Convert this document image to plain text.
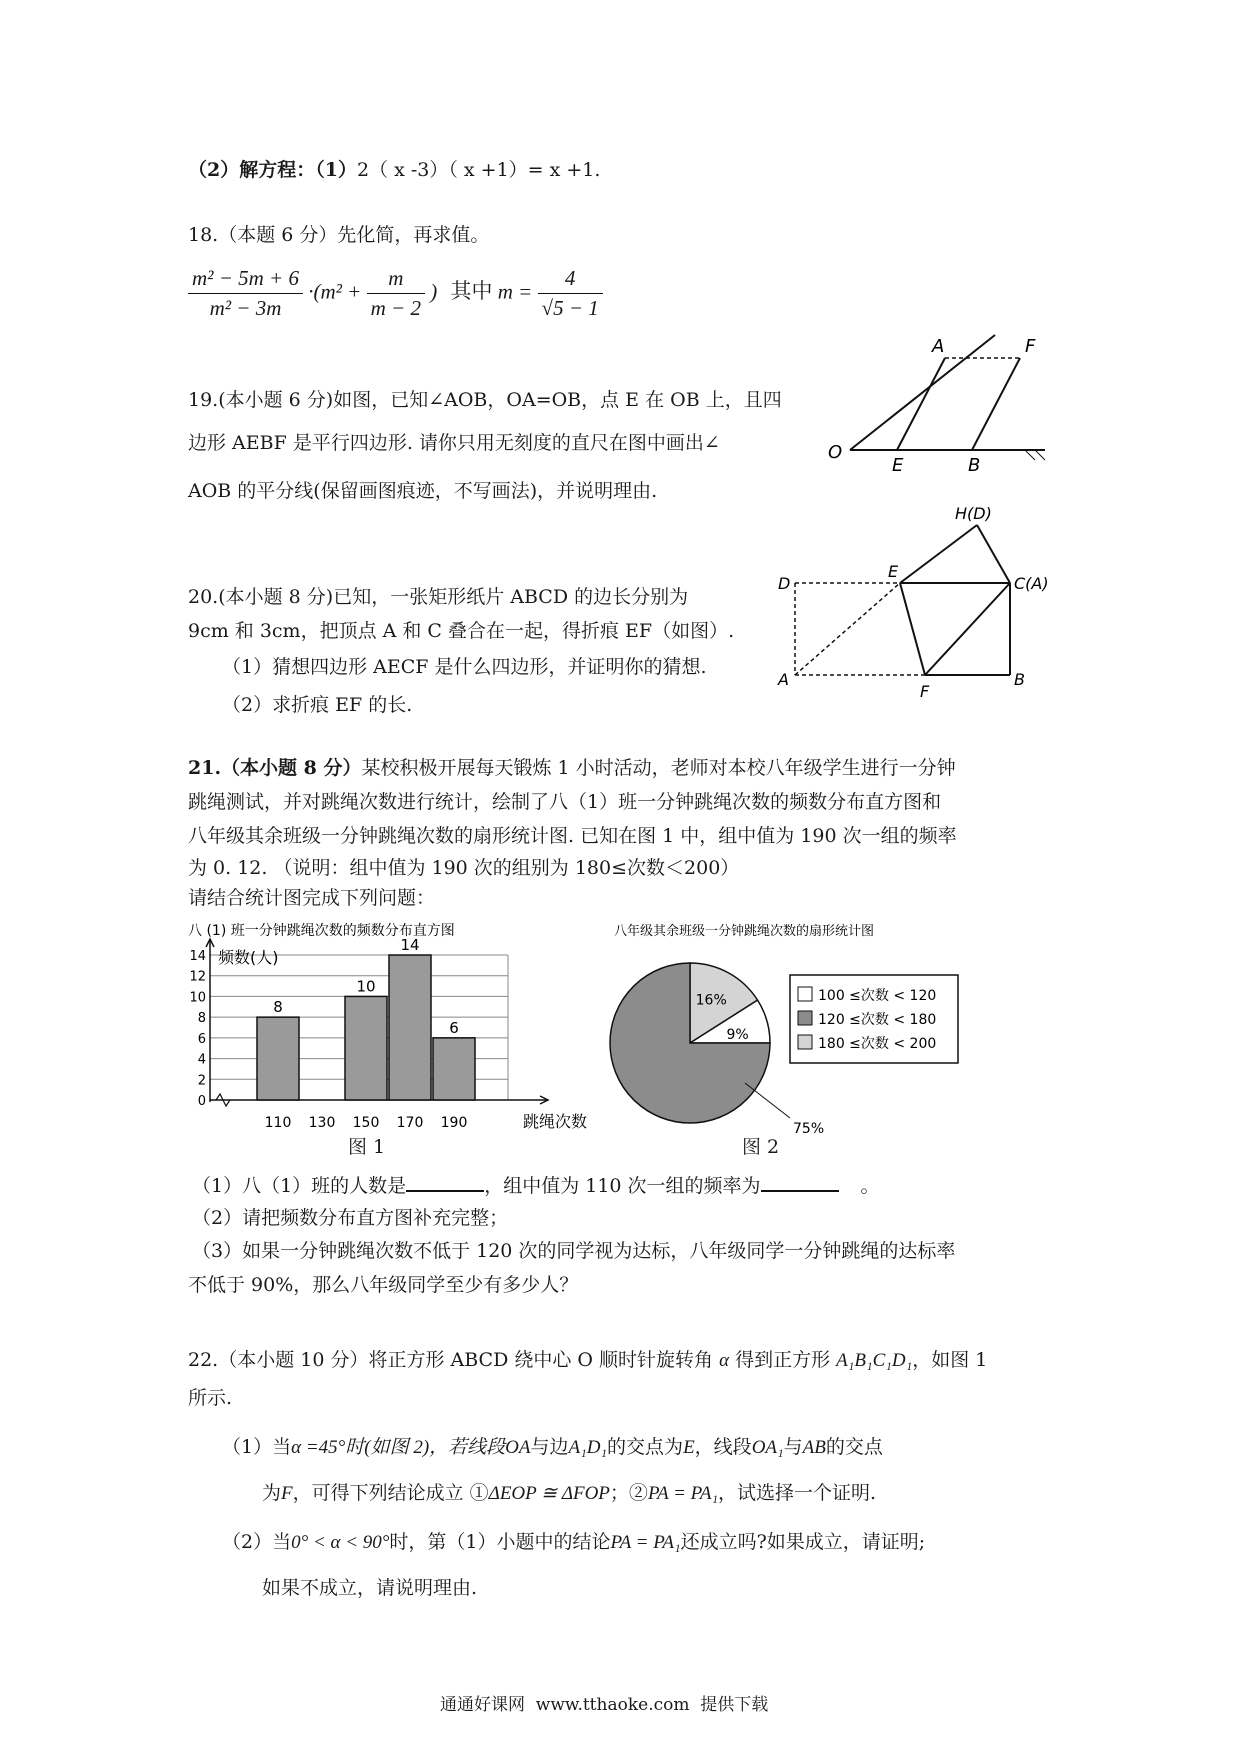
（2）解方程：（1）2（ x -3）（ x +1）= x +1.
18.（本题 6 分）先化简，再求值。
$\frac{\text{m² − 5m + 6}}{\text{m² − 3m}} \cdot(m^2 + \frac{m}{m - 2}$ ) 其中 $m = \frac{4}{√5 - 1}$
19.(本小题 6 分)如图，已知∠AOB，OA=OB，点 E 在 OB 上，且四
边形 AEBF 是平行四边形. 请你只用无刻度的直尺在图中画出∠
AOB 的平分线(保留画图痕迹，不写画法)，并说明理由.
A	F
O
E	B
20.(本小题 8 分)已知，一张矩形纸片 ABCD 的边长分别为
9cm 和 3cm，把顶点 A 和 C 叠合在一起，得折痕 EF（如图）.
（1）猜想四边形 AECF 是什么四边形，并证明你的猜想.
（2）求折痕 EF 的长.
H(D)
D
E
C(A)
A
F
B
21.（本小题 8 分）某校积极开展每天锻炼 1 小时活动，老师对本校八年级学生进行一分钟
跳绳测试，并对跳绳次数进行统计，绘制了八（1）班一分钟跳绳次数的频数分布直方图和
八年级其余班级一分钟跳绳次数的扇形统计图. 已知在图 1 中，组中值为 190 次一组的频率
为 0. 12. （说明：组中值为 190 次的组别为 180≤次数＜200）
请结合统计图完成下列问题：
八 (1) 班一分钟跳绳次数的频数分布直方图
0
2
4
6
8
10
12
14 频数(人)
8
110 130
10
150
14
170
6
190	跳绳次数
图 1
八年级其余班级一分钟跳绳次数的扇形统计图
16%
9%
75%
100 ≤次数 < 120
120 ≤次数 < 180
180 ≤次数 < 200
图 2
（1）八（1）班的人数是	，组中值为 110 次一组的频率为	。
（2）请把频数分布直方图补充完整；
（3）如果一分钟跳绳次数不低于 120 次的同学视为达标，八年级同学一分钟跳绳的达标率
不低于 90%，那么八年级同学至少有多少人？
22.（本小题 10 分）将正方形 ABCD 绕中心 O 顺时针旋转角 α 得到正方形 A₁B₁C₁D₁，如图 1
所示.
（1）当α =45°时(如图 2)，若线段OA与边A₁D₁的交点为E，线段OA₁与AB的交点
为F，可得下列结论成立 ①ΔEOP ≅ ΔFOP；②PA = PA₁，试选择一个证明.
（2）当0° < α < 90°时，第（1）小题中的结论PA = PA₁还成立吗?如果成立，请证明;
如果不成立，请说明理由.
通通好课网  www.tthaoke.com  提供下载
